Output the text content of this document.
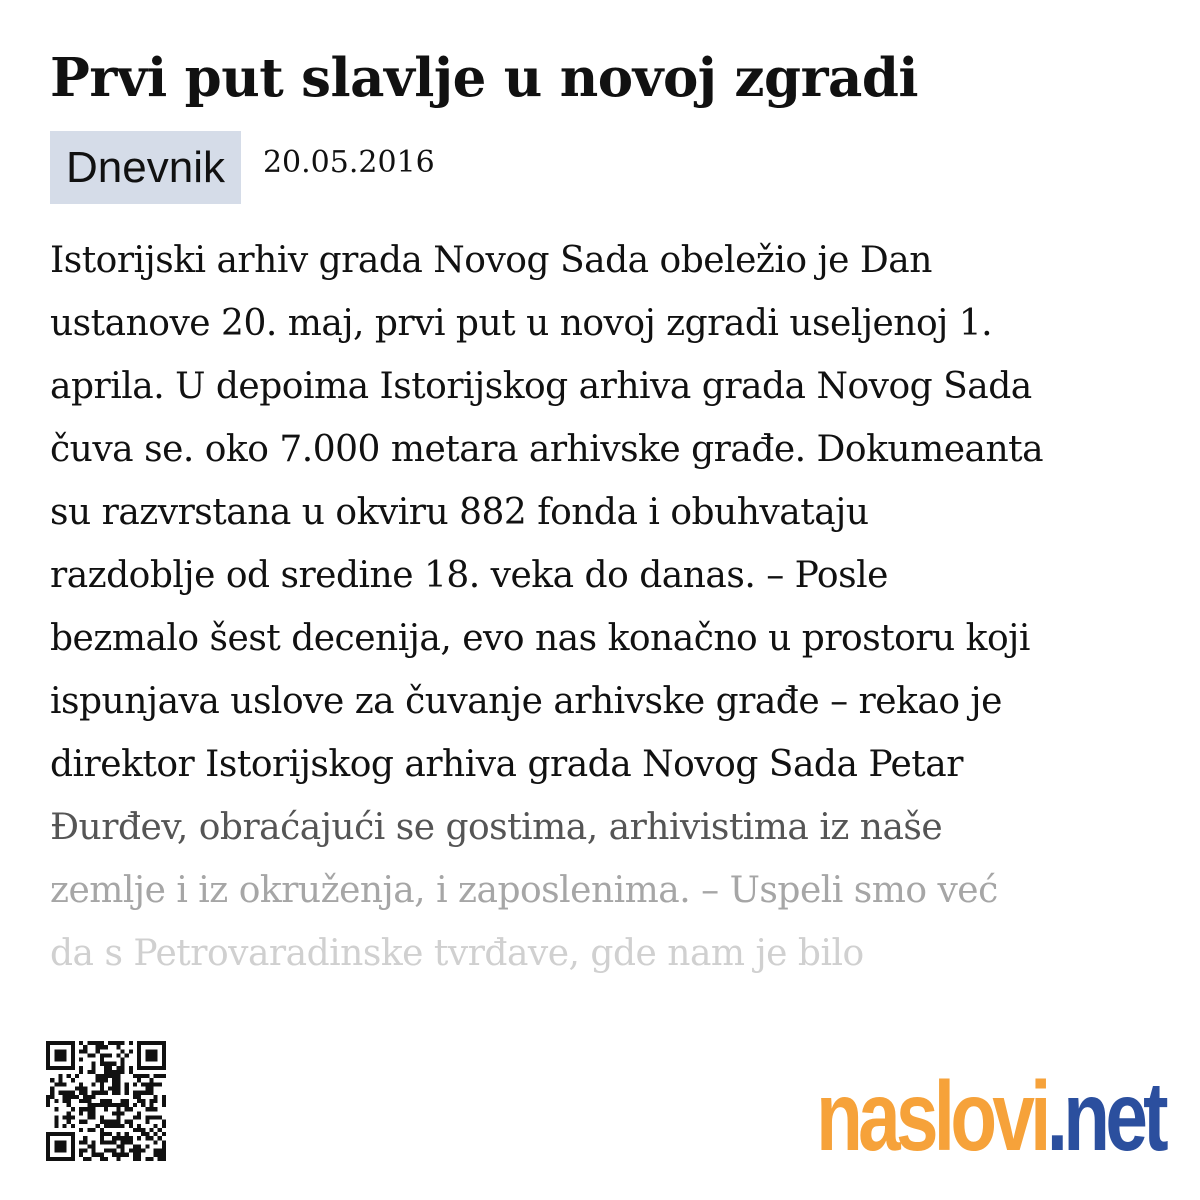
Prvi put slavlje u novoj zgradi
Dnevnik	20.05.2016
Istorijski arhiv grada Novog Sada obeležio je Dan
ustanove 20. maj, prvi put u novoj zgradi useljenoj 1.
aprila. U depoima Istorijskog arhiva grada Novog Sada
čuva se. oko 7.000 metara arhivske građe. Dokumeanta
su razvrstana u okviru 882 fonda i obuhvataju
razdoblje od sredine 18. veka do danas. – Posle
bezmalo šest decenija, evo nas konačno u prostoru koji
ispunjava uslove za čuvanje arhivske građe – rekao je
direktor Istorijskog arhiva grada Novog Sada Petar
Đurđev, obraćajući se gostima, arhivistima iz naše
zemlje i iz okruženja, i zaposlenima. – Uspeli smo već
da s Petrovaradinske tvrđave, gde nam je bilo
naslovi .net
